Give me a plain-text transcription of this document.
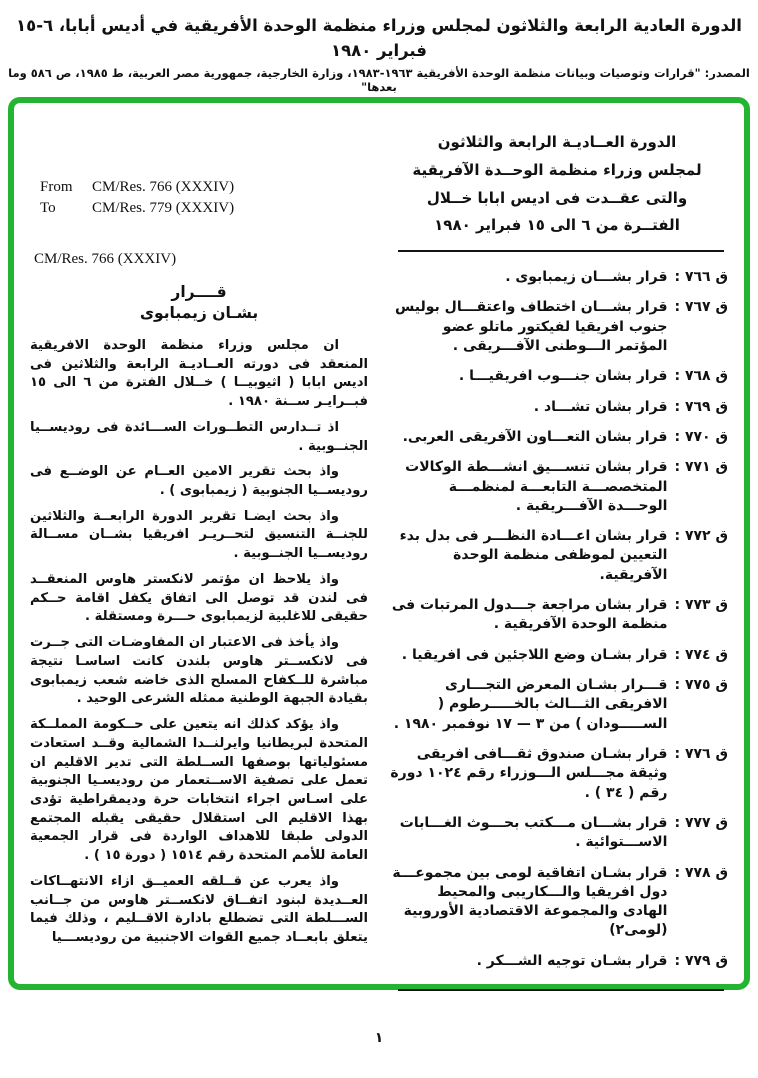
الدورة العادية الرابعة والثلاثون لمجلس وزراء منظمة الوحدة الأفريقية في أديس أبابا، ٦-١٥ فبراير ١٩٨٠
المصدر: "قرارات وتوصيات وبيانات منظمة الوحدة الأفريقية ١٩٦٣-١٩٨٣، وزارة الخارجية، جمهورية مصر العربية، ط ١٩٨٥، ص ٥٨٦ وما بعدها"
الدورة العــاديـة الرابعة والثلاثون
لمجلس وزراء منظمة الوحــدة الآفريقية
والتى عقــدت فى اديس ابابا خــلال
الفتــرة من ٦ الى ١٥ فبراير ١٩٨٠
ق ٧٦٦ :
قرار بشـــان زيمبابوى .
ق ٧٦٧ :
قرار بشـــان اختطاف واعتقـــال بوليس جنوب افريقيا لفيكتور ماتلو عضو المؤتمر الـــوطنى الآفـــريقى .
ق ٧٦٨ :
قرار بشان جنـــوب افريقيـــا .
ق ٧٦٩ :
قرار بشان تشـــاد .
ق ٧٧٠ :
قرار بشان التعـــاون الآفريقى العربى.
ق ٧٧١ :
قرار بشان تنســـيق انشـــطة الوكالات المتخصصـــة التابعـــة لمنظمـــة الوحـــدة الآفـــريقية .
ق ٧٧٢ :
قرار بشان اعـــادة النظـــر فى بدل بدء التعيين لموظفى منظمة الوحدة الآفريقية.
ق ٧٧٣ :
قرار بشان مراجعة جـــدول المرتبات فى منظمة الوحدة الآفريقية .
ق ٧٧٤ :
قرار بشـان وضع اللاجئين فى افريقيا .
ق ٧٧٥ :
قـــرار بشـان المعرض التجـــارى الافريقى الثـــالث بالخـــــرطوم ( الســـــودان ) من ٣ — ١٧ نوفمبر ١٩٨٠ .
ق ٧٧٦ :
قرار بشـان صندوق ثقـــافى افريقى وثيقة مجـــلس الـــوزراء رقم ١٠٢٤ دورة رقم ( ٣٤ ) .
ق ٧٧٧ :
قرار بشـــان مـــكتب بحـــوث الغـــابات الاســـتوائية .
ق ٧٧٨ :
قرار بشـان اتفاقية لومى بين مجموعـــة دول افريقيا والـــكاريبى والمحيط الهادى والمجموعة الاقتصادية الأوروبية (لومى٢)
ق ٧٧٩ :
قرار بشـان توجيه الشـــكر .
From	CM/Res. 766 (XXXIV)
To	CM/Res. 779 (XXXIV)
CM/Res. 766 (XXXIV)
قــــرار
بشـان زيمبابوى

ان مجلس وزراء منظمة الوحدة الافريقية المنعقد فى دورته العــاديـة الرابعة والثلاثين فى اديس ابابا ( اثيوبيــا ) خــلال الفترة من ٦ الى ١٥ فبــرايـر ســنة ١٩٨٠ .

اذ تــدارس التطــورات الســـائدة فى روديســيا الجنــوبية .

واذ بحث تقرير الامين العــام عن الوضــع فى روديســيا الجنوبية ( زيمبابوى ) .

واذ بحث ايضـا تقرير الدورة الرابعــة والثلاثين للجنــة التنسيق لتحــريـر افريقيا بشــان مســالة روديســيا الجنــوبية .

واذ يلاحظ ان مؤتمر لانكستر هاوس المنعقــد فى لندن قد توصل الى اتفاق يكفل اقامة حــكم حقيقى للاغلبية لزيمبابوى حـــرة ومستقلة .

واذ يأخذ فى الاعتبار ان المفاوضـات التى جــرت فى لانكســتر هاوس بلندن كانت اساسـا نتيجة مباشرة للــكفاح المسلح الذى خاضه شعب زيمبابوى بقيادة الجبهة الوطنية ممثله الشرعى الوحيد .

واذ يؤكد كذلك انه يتعين على حــكومة المملــكة المتحدة لبريطانيا وايرلنــدا الشمالية وقــد استعادت مسئولياتها بوصفها الســلطة التى تدير الاقليم ان تعمل على تصفية الاســتعمار من روديسـيا الجنوبية على اسـاس اجراء انتخابات حرة وديمقراطية تؤدى بهذا الاقليم الى استقلال حقيقى يقبله المجتمع الدولى طبقا للاهداف الواردة فى قرار الجمعية العامة للأمم المتحدة رقم ١٥١٤ ( دورة ١٥ ) .

واذ يعرب عن قــلقه العميــق ازاء الانتهــاكات العــديدة لبنود اتفــاق لانكســتر هاوس من جــانب الســـلطة التى تضطلع بادارة الاقــليم ، وذلك فيما يتعلق بابعــاد جميع القوات الاجنبية من روديســـيا

١
